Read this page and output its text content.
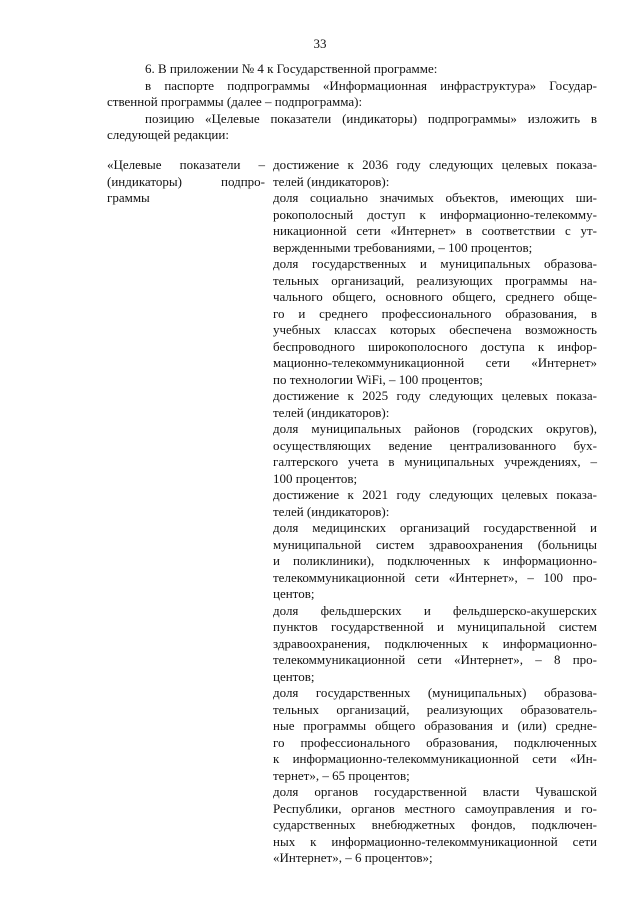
33

6. В приложении № 4 к Государственной программе:

в паспорте подпрограммы «Информационная инфраструктура» Государ-
ственной программы (далее – подпрограмма):
позицию «Целевые показатели (индикаторы) подпрограммы» изложить в
следующей редакции:
«Целевые показатели –
(индикаторы) подпро-
граммы
достижение к 2036 году следующих целевых показа-
телей (индикаторов):
доля социально значимых объектов, имеющих ши-
рокополосный доступ к информационно-телекомму-
никационной сети «Интернет» в соответствии с ут-
вержденными требованиями, – 100 процентов;
доля государственных и муниципальных образова-
тельных организаций, реализующих программы на-
чального общего, основного общего, среднего обще-
го и среднего профессионального образования, в
учебных классах которых обеспечена возможность
беспроводного широкополосного доступа к инфор-
мационно-телекоммуникационной сети «Интернет»
по технологии WiFi, – 100 процентов;
достижение к 2025 году следующих целевых показа-
телей (индикаторов):
доля муниципальных районов (городских округов),
осуществляющих ведение централизованного бух-
галтерского учета в муниципальных учреждениях, –
100 процентов;
достижение к 2021 году следующих целевых показа-
телей (индикаторов):
доля медицинских организаций государственной и
муниципальной систем здравоохранения (больницы
и поликлиники), подключенных к информационно-
телекоммуникационной сети «Интернет», – 100 про-
центов;
доля фельдшерских и фельдшерско-акушерских
пунктов государственной и муниципальной систем
здравоохранения, подключенных к информационно-
телекоммуникационной сети «Интернет», – 8 про-
центов;
доля государственных (муниципальных) образова-
тельных организаций, реализующих образователь-
ные программы общего образования и (или) средне-
го профессионального образования, подключенных
к информационно-телекоммуникационной сети «Ин-
тернет», – 65 процентов;
доля органов государственной власти Чувашской
Республики, органов местного самоуправления и го-
сударственных внебюджетных фондов, подключен-
ных к информационно-телекоммуникационной сети
«Интернет», – 6 процентов»;
